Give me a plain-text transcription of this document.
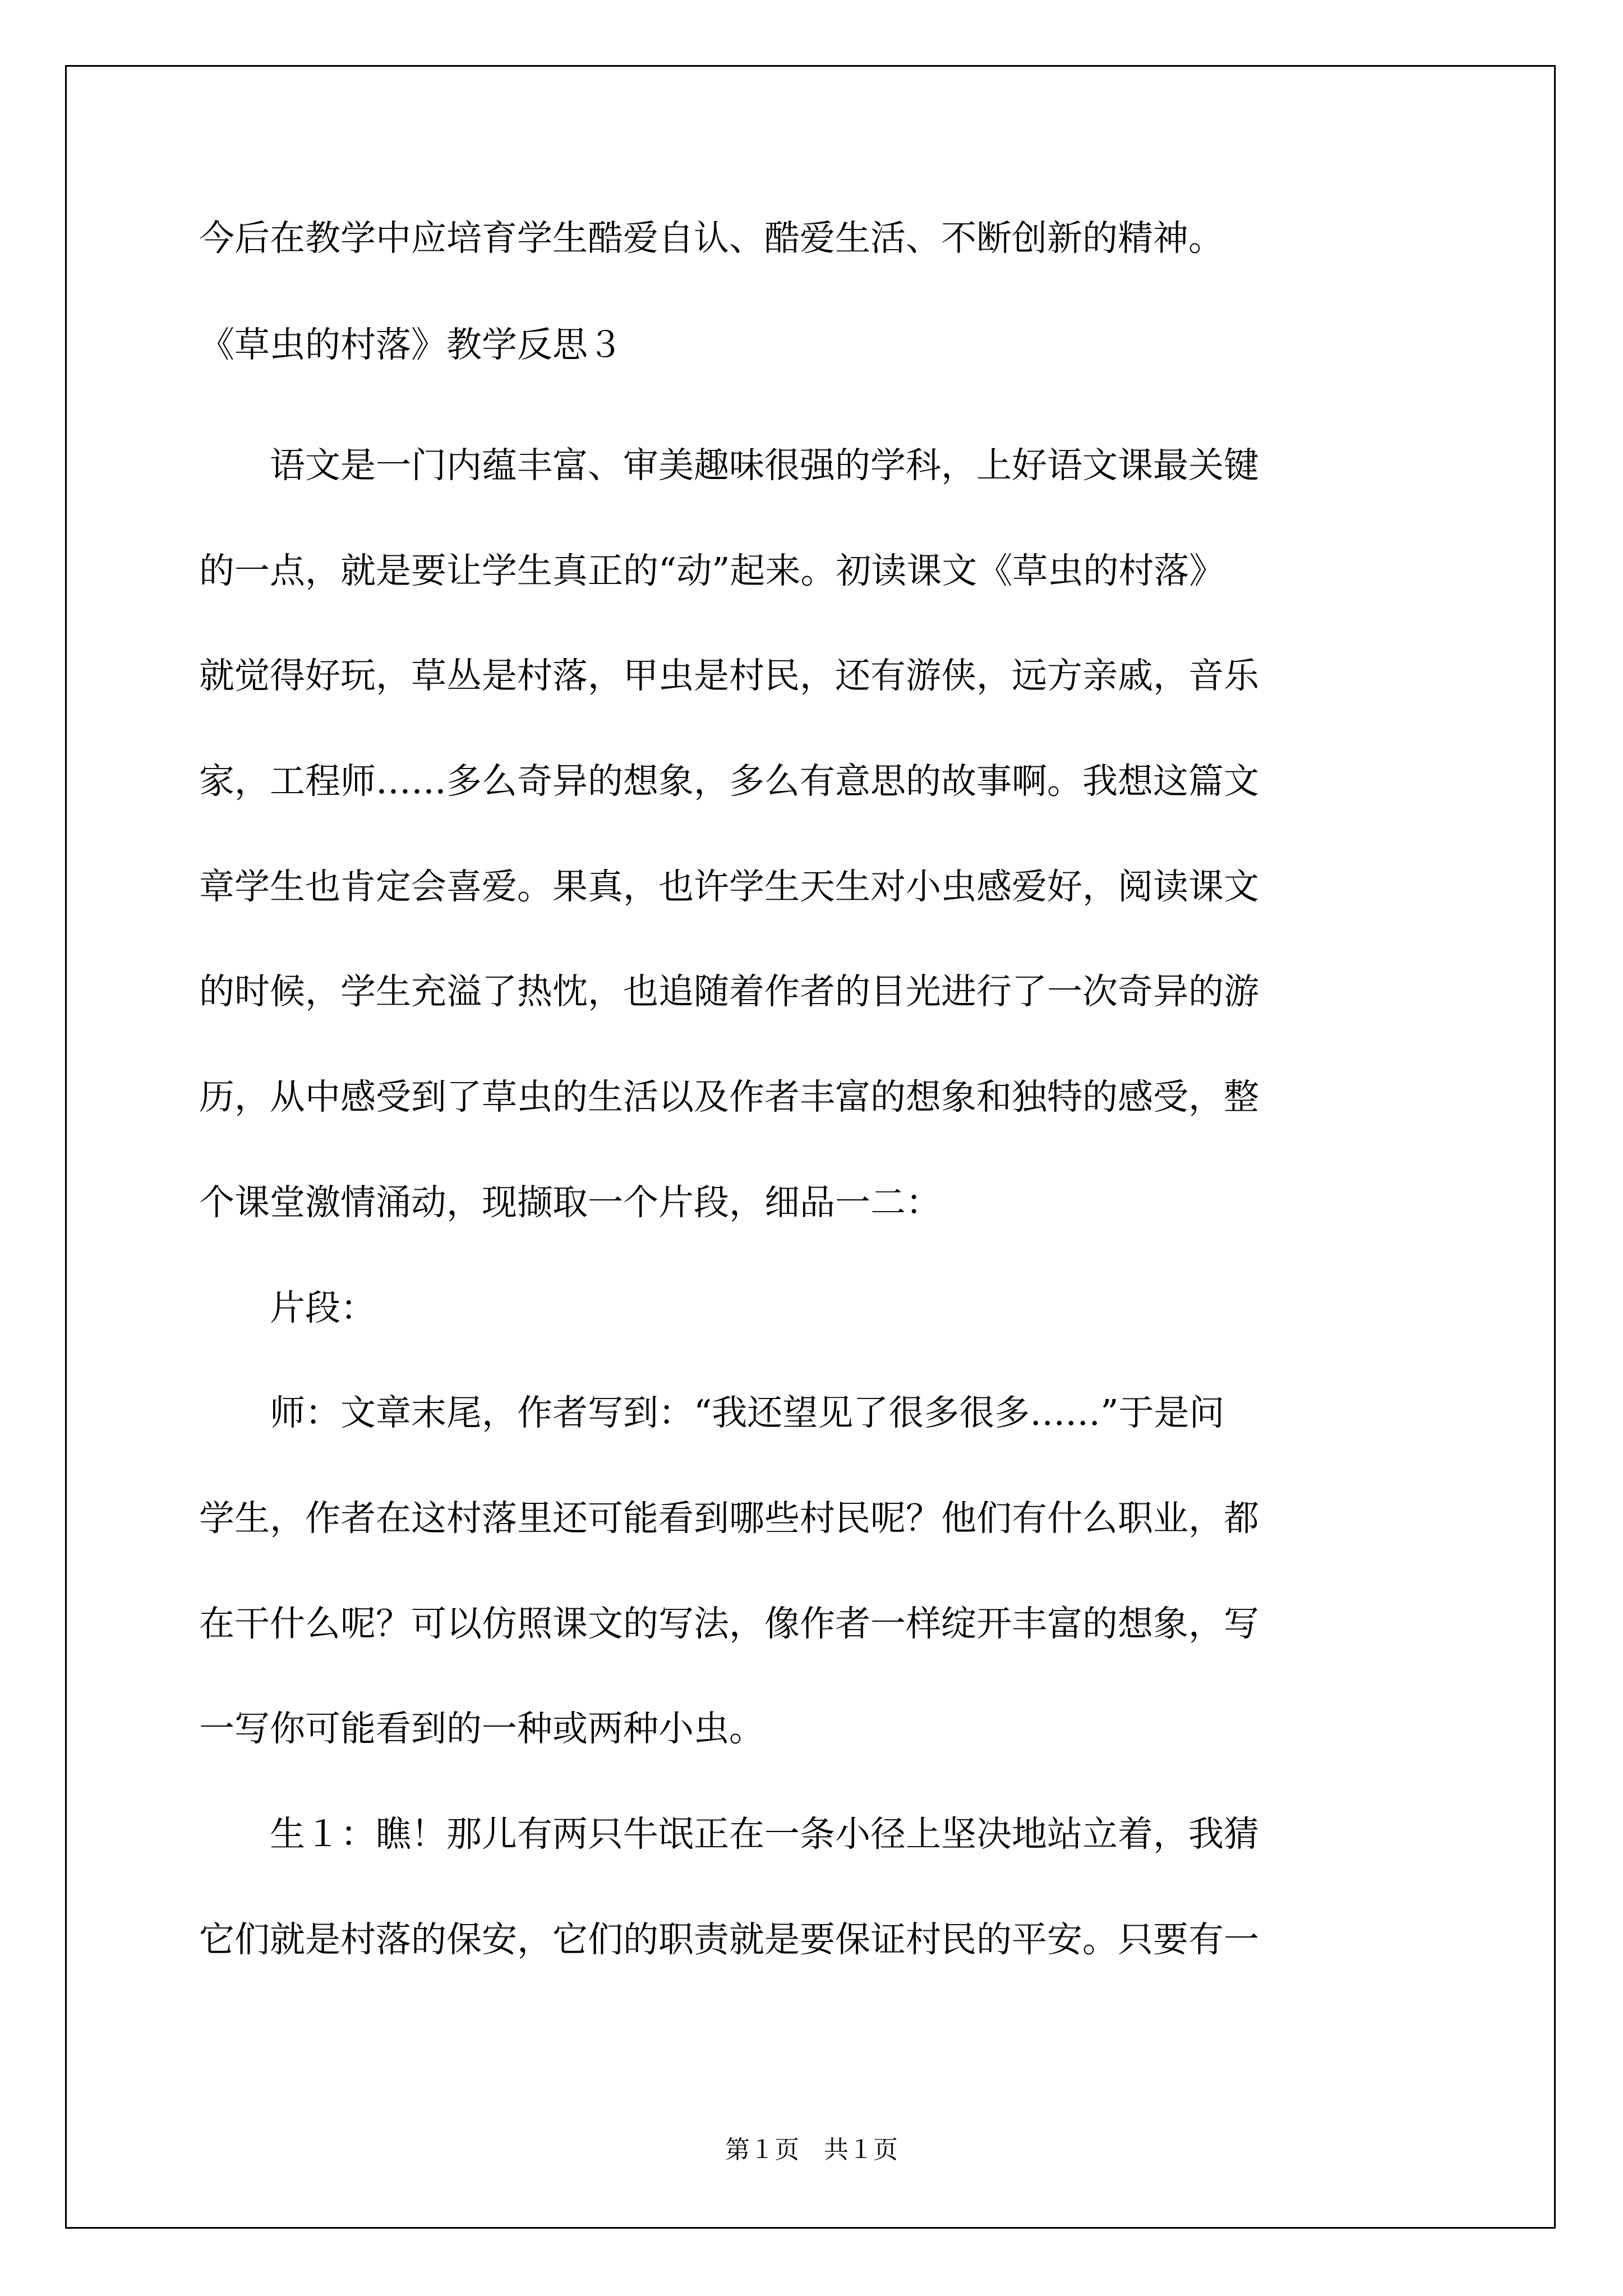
今后在教学中应培育学生酷爱自认、酷爱生活、不断创新的精神。

《草虫的村落》教学反思３

　　语文是一门内蕴丰富、审美趣味很强的学科，上好语文课最关键

的一点，就是要让学生真正的“动”起来。初读课文《草虫的村落》

就觉得好玩，草丛是村落，甲虫是村民，还有游侠，远方亲戚，音乐

家，工程师……多么奇异的想象，多么有意思的故事啊。我想这篇文

章学生也肯定会喜爱。果真，也许学生天生对小虫感爱好，阅读课文

的时候，学生充溢了热忱，也追随着作者的目光进行了一次奇异的游

历，从中感受到了草虫的生活以及作者丰富的想象和独特的感受，整

个课堂激情涌动，现撷取一个片段，细品一二：

　　片段：

　　师：文章末尾，作者写到：“我还望见了很多很多……”于是问

学生，作者在这村落里还可能看到哪些村民呢？他们有什么职业，都

在干什么呢？可以仿照课文的写法，像作者一样绽开丰富的想象，写

一写你可能看到的一种或两种小虫。

　　生１：瞧！那儿有两只牛氓正在一条小径上坚决地站立着，我猜

它们就是村落的保安，它们的职责就是要保证村民的平安。只要有一

第１页　共１页
